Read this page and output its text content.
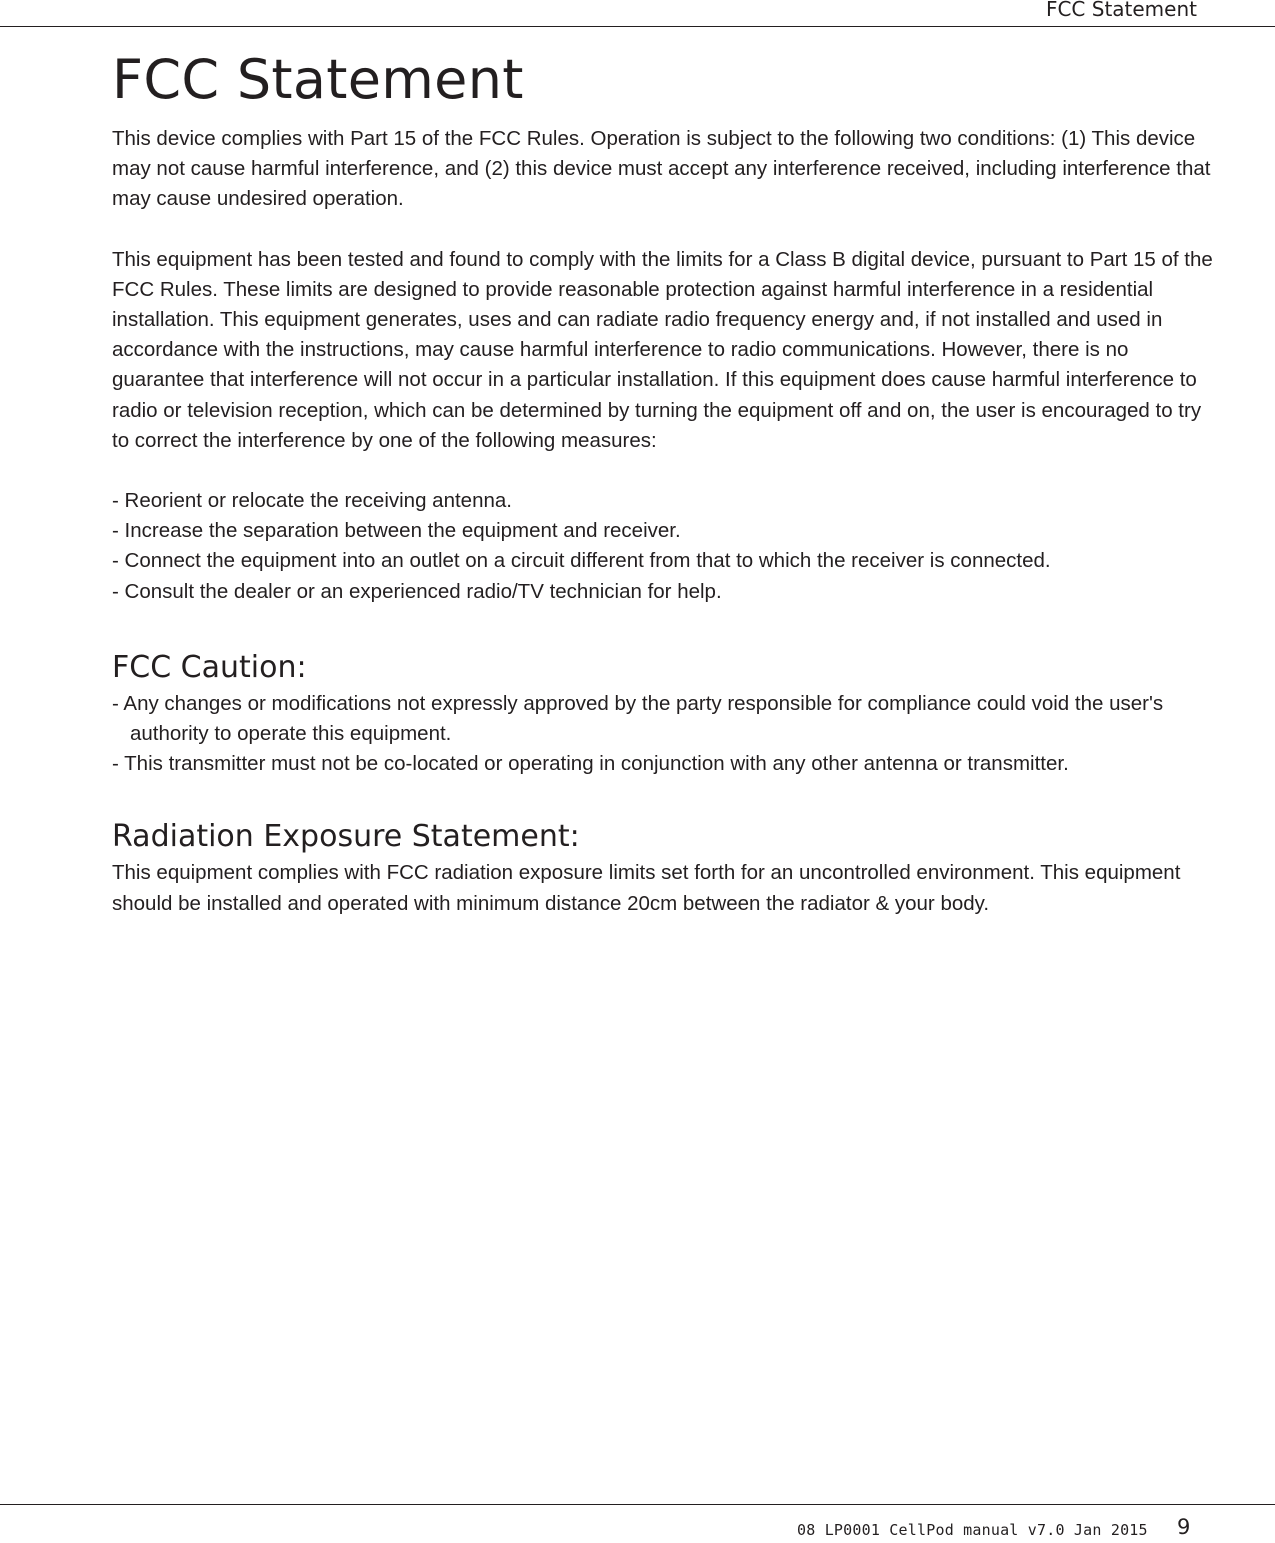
FCC Statement
FCC Statement

This device complies with Part 15 of the FCC Rules. Operation is subject to the following two conditions: (1) This device may not cause harmful interference, and (2) this device must accept any interference received, including interference that may cause undesired operation.

This equipment has been tested and found to comply with the limits for a Class B digital device, pursuant to Part 15 of the FCC Rules. These limits are designed to provide reasonable protection against harmful interference in a residential installation. This equipment generates, uses and can radiate radio frequency energy and, if not installed and used in accordance with the instructions, may cause harmful interference to radio communications. However, there is no guarantee that interference will not occur in a particular installation. If this equipment does cause harmful interference to radio or television reception, which can be determined by turning the equipment off and on, the user is encouraged to try to correct the interference by one of the following measures:

- Reorient or relocate the receiving antenna.
- Increase the separation between the equipment and receiver.
- Connect the equipment into an outlet on a circuit different from that to which the receiver is connected.
- Consult the dealer or an experienced radio/TV technician for help.
FCC Caution:
- Any changes or modifications not expressly approved by the party responsible for compliance could void the user's authority to operate this equipment.
- This transmitter must not be co-located or operating in conjunction with any other antenna or transmitter.
Radiation Exposure Statement:

This equipment complies with FCC radiation exposure limits set forth for an uncontrolled environment. This equipment should be installed and operated with minimum distance 20cm between the radiator & your body.

08 LP0001 CellPod manual v7.0 Jan 2015 9
